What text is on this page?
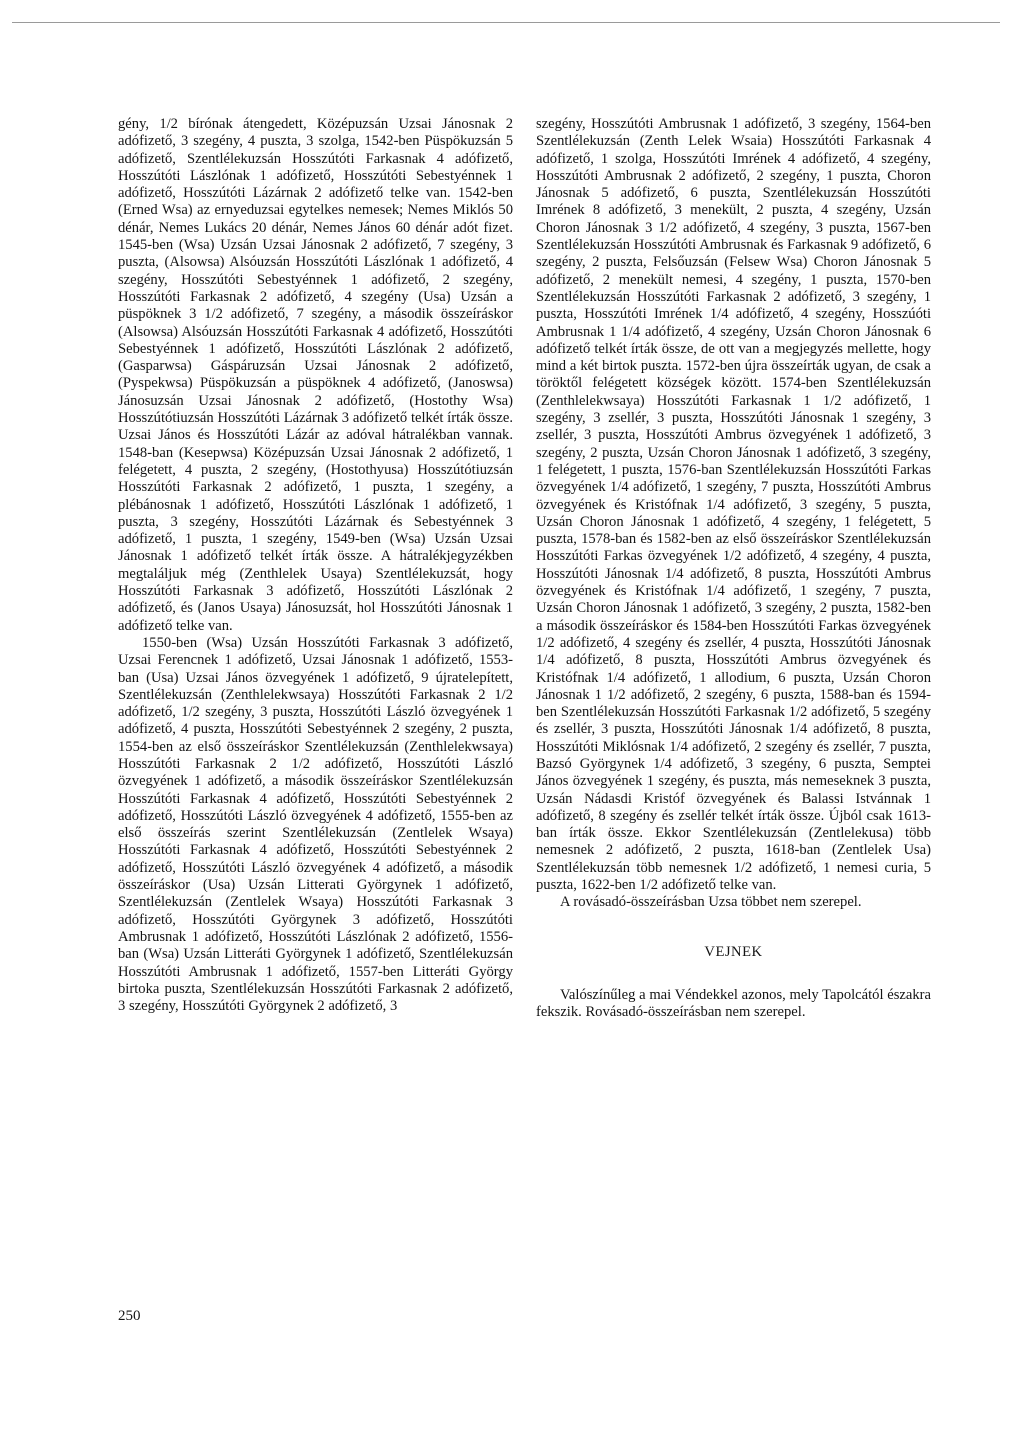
gény, 1/2 bírónak átengedett, Középuzsán Uzsai Jánosnak 2 adófizető, 3 szegény, 4 puszta, 3 szolga, 1542-ben Püspökuzsán 5 adófizető, Szentlélekuzsán Hosszútóti Farkasnak 4 adófizető, Hosszútóti Lászlónak 1 adófizető, Hosszútóti Sebestyénnek 1 adófizető, Hosszútóti Lázárnak 2 adófizető telke van. 1542-ben (Erned Wsa) az ernyeduzsai egytelkes nemesek; Nemes Miklós 50 dénár, Nemes Lukács 20 dénár, Nemes János 60 dénár adót fizet. 1545-ben (Wsa) Uzsán Uzsai Jánosnak 2 adófizető, 7 szegény, 3 puszta, (Alsowsa) Alsóuzsán Hosszútóti Lászlónak 1 adófizető, 4 szegény, Hosszútóti Sebestyénnek 1 adófizető, 2 szegény, Hosszútóti Farkasnak 2 adófizető, 4 szegény (Usa) Uzsán a püspöknek 3 1/2 adófizető, 7 szegény, a második összeíráskor (Alsowsa) Alsóuzsán Hosszútóti Farkasnak 4 adófizető, Hosszútóti Sebestyénnek 1 adófizető, Hosszútóti Lászlónak 2 adófizető, (Gasparwsa) Gáspáruzsán Uzsai Jánosnak 2 adófizető, (Pyspekwsa) Püspökuzsán a püspöknek 4 adófizető, (Janoswsa) Jánosuzsán Uzsai Jánosnak 2 adófizető, (Hostothy Wsa) Hosszútótiuzsán Hosszútóti Lázárnak 3 adófizető telkét írták össze. Uzsai János és Hosszútóti Lázár az adóval hátralékban vannak. 1548-ban (Kesepwsa) Középuzsán Uzsai Jánosnak 2 adófizető, 1 felégetett, 4 puszta, 2 szegény, (Hostothyusa) Hosszútótiuzsán Hosszútóti Farkasnak 2 adófizető, 1 puszta, 1 szegény, a plébánosnak 1 adófizető, Hosszútóti Lászlónak 1 adófizető, 1 puszta, 3 szegény, Hosszútóti Lázárnak és Sebestyénnek 3 adófizető, 1 puszta, 1 szegény, 1549-ben (Wsa) Uzsán Uzsai Jánosnak 1 adófizető telkét írták össze. A hátralékjegyzékben megtaláljuk még (Zenthlelek Usaya) Szentlélekuzsát, hogy Hosszútóti Farkasnak 3 adófizető, Hosszútóti Lászlónak 2 adófizető, és (Janos Usaya) Jánosuzsát, hol Hosszútóti Jánosnak 1 adófizető telke van.

1550-ben (Wsa) Uzsán Hosszútóti Farkasnak 3 adófizető, Uzsai Ferencnek 1 adófizető, Uzsai Jánosnak 1 adófizető, 1553-ban (Usa) Uzsai János özvegyének 1 adófizető, 9 újratelepített, Szentlélekuzsán (Zenthlelekwsaya) Hosszútóti Farkasnak 2 1/2 adófizető, 1/2 szegény, 3 puszta, Hosszútóti László özvegyének 1 adófizető, 4 puszta, Hosszútóti Sebestyénnek 2 szegény, 2 puszta, 1554-ben az első összeíráskor Szentlélekuzsán (Zenthlelekwsaya) Hosszútóti Farkasnak 2 1/2 adófizető, Hosszútóti László özvegyének 1 adófizető, a második összeíráskor Szentlélekuzsán Hosszútóti Farkasnak 4 adófizető, Hosszútóti Sebestyénnek 2 adófizető, Hosszútóti László özvegyének 4 adófizető, 1555-ben az első összeírás szerint Szentlélekuzsán (Zentlelek Wsaya) Hosszútóti Farkasnak 4 adófizető, Hosszútóti Sebestyénnek 2 adófizető, Hosszútóti László özvegyének 4 adófizető, a második összeíráskor (Usa) Uzsán Litterati Györgynek 1 adófizető, Szentlélekuzsán (Zentlelek Wsaya) Hosszútóti Farkasnak 3 adófizető, Hosszútóti Györgynek 3 adófizető, Hosszútóti Ambrusnak 1 adófizető, Hosszútóti Lászlónak 2 adófizető, 1556-ban (Wsa) Uzsán Litteráti Györgynek 1 adófizető, Szentlélekuzsán Hosszútóti Ambrusnak 1 adófizető, 1557-ben Litteráti György birtoka puszta, Szentlélekuzsán Hosszútóti Farkasnak 2 adófizető, 3 szegény, Hosszútóti Györgynek 2 adófizető, 3

szegény, Hosszútóti Ambrusnak 1 adófizető, 3 szegény, 1564-ben Szentlélekuzsán (Zenth Lelek Wsaia) Hosszútóti Farkasnak 4 adófizető, 1 szolga, Hosszútóti Imrének 4 adófizető, 4 szegény, Hosszútóti Ambrusnak 2 adófizető, 2 szegény, 1 puszta, Choron Jánosnak 5 adófizető, 6 puszta, Szentlélekuzsán Hosszútóti Imrének 8 adófizető, 3 menekült, 2 puszta, 4 szegény, Uzsán Choron Jánosnak 3 1/2 adófizető, 4 szegény, 3 puszta, 1567-ben Szentlélekuzsán Hosszútóti Ambrusnak és Farkasnak 9 adófizető, 6 szegény, 2 puszta, Felsőuzsán (Felsew Wsa) Choron Jánosnak 5 adófizető, 2 menekült nemesi, 4 szegény, 1 puszta, 1570-ben Szentlélekuzsán Hosszútóti Farkasnak 2 adófizető, 3 szegény, 1 puszta, Hosszútóti Imrének 1/4 adófizető, 4 szegény, Hosszúóti Ambrusnak 1 1/4 adófizető, 4 szegény, Uzsán Choron Jánosnak 6 adófizető telkét írták össze, de ott van a megjegyzés mellette, hogy mind a két birtok puszta. 1572-ben újra összeírták ugyan, de csak a töröktől felégetett községek között. 1574-ben Szentlélekuzsán (Zenthlelekwsaya) Hosszútóti Farkasnak 1 1/2 adófizető, 1 szegény, 3 zsellér, 3 puszta, Hosszútóti Jánosnak 1 szegény, 3 zsellér, 3 puszta, Hosszútóti Ambrus özvegyének 1 adófizető, 3 szegény, 2 puszta, Uzsán Choron Jánosnak 1 adófizető, 3 szegény, 1 felégetett, 1 puszta, 1576-ban Szentlélekuzsán Hosszútóti Farkas özvegyének 1/4 adófizető, 1 szegény, 7 puszta, Hosszútóti Ambrus özvegyének és Kristófnak 1/4 adófizető, 3 szegény, 5 puszta, Uzsán Choron Jánosnak 1 adófizető, 4 szegény, 1 felégetett, 5 puszta, 1578-ban és 1582-ben az első összeíráskor Szentlélekuzsán Hosszútóti Farkas özvegyének 1/2 adófizető, 4 szegény, 4 puszta, Hosszútóti Jánosnak 1/4 adófizető, 8 puszta, Hosszútóti Ambrus özvegyének és Kristófnak 1/4 adófizető, 1 szegény, 7 puszta, Uzsán Choron Jánosnak 1 adófizető, 3 szegény, 2 puszta, 1582-ben a második összeíráskor és 1584-ben Hosszútóti Farkas özvegyének 1/2 adófizető, 4 szegény és zsellér, 4 puszta, Hosszútóti Jánosnak 1/4 adófizető, 8 puszta, Hosszútóti Ambrus özvegyének és Kristófnak 1/4 adófizető, 1 allodium, 6 puszta, Uzsán Choron Jánosnak 1 1/2 adófizető, 2 szegény, 6 puszta, 1588-ban és 1594-ben Szentlélekuzsán Hosszútóti Farkasnak 1/2 adófizető, 5 szegény és zsellér, 3 puszta, Hosszútóti Jánosnak 1/4 adófizető, 8 puszta, Hosszútóti Miklósnak 1/4 adófizető, 2 szegény és zsellér, 7 puszta, Bazsó Györgynek 1/4 adófizető, 3 szegény, 6 puszta, Semptei János özvegyének 1 szegény, és puszta, más nemeseknek 3 puszta, Uzsán Nádasdi Kristóf özvegyének és Balassi Istvánnak 1 adófizető, 8 szegény és zsellér telkét írták össze. Újból csak 1613-ban írták össze. Ekkor Szentlélekuzsán (Zentlelekusa) több nemesnek 2 adófizető, 2 puszta, 1618-ban (Zentlelek Usa) Szentlélekuzsán több nemesnek 1/2 adófizető, 1 nemesi curia, 5 puszta, 1622-ben 1/2 adófizető telke van.

A rovásadó-összeírásban Uzsa többet nem szerepel.

VEJNEK

Valószínűleg a mai Véndekkel azonos, mely Tapolcától északra fekszik. Rovásadó-összeírásban nem szerepel.

250
